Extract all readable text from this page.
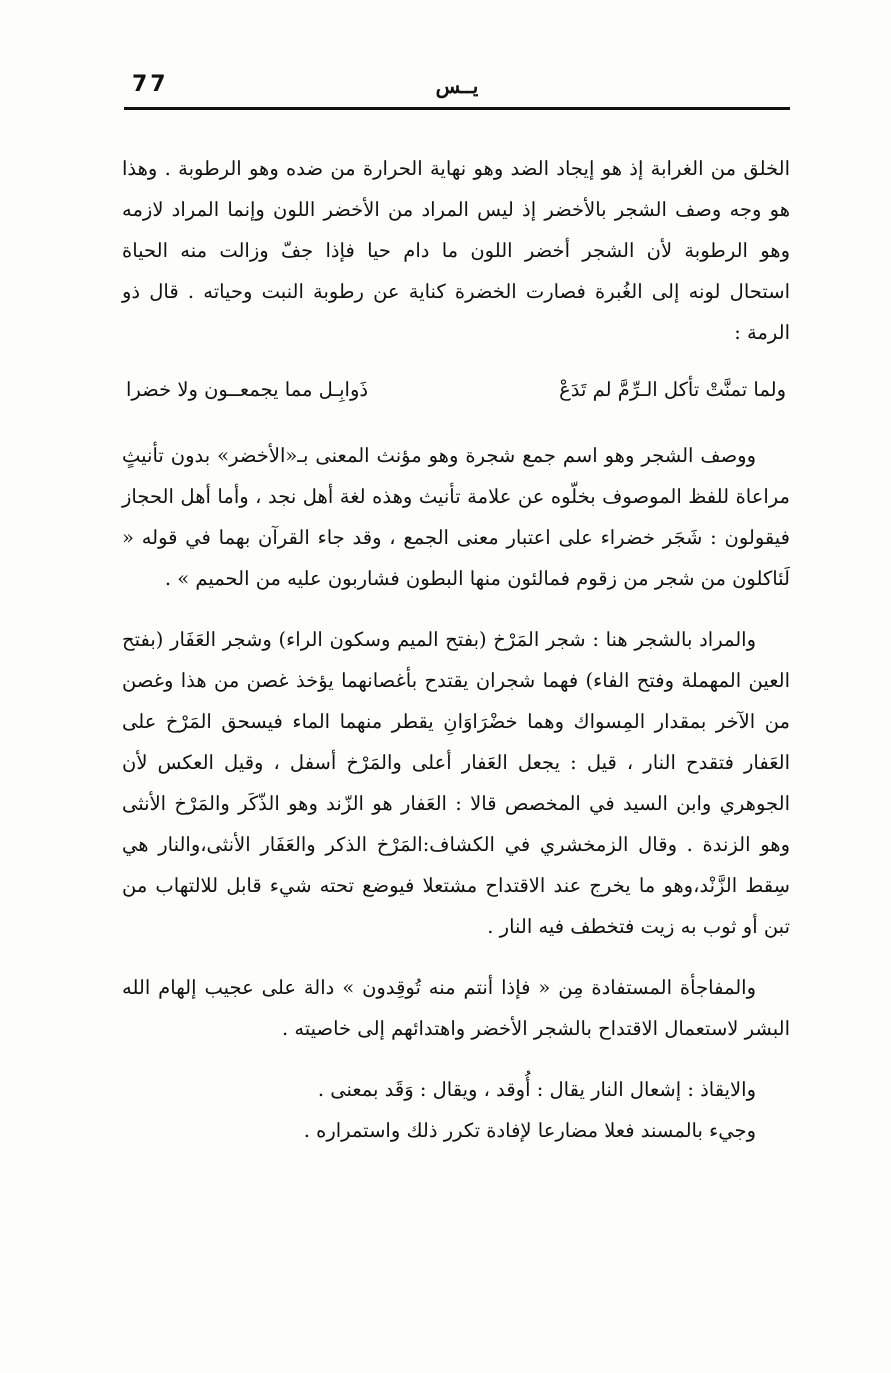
77	يــس
الخلق من الغرابة إذ هو إيجاد الضد وهو نهاية الحرارة من ضده وهو الرطوبة . وهذا
هو وجه وصف الشجر بالأخضر إذ ليس المراد من الأخضر اللون وإنما المراد لازمه
وهو الرطوبة لأن الشجر أخضر اللون ما دام حيا فإذا جفّ وزالت منه الحياة
استحال لونه إلى الغُبرة فصارت الخضرة كناية عن رطوبة النبت وحياته . قال ذو
الرمة :
ولما تمنَّتْ تأكل الـرِّمَّ لم تَدَعْ
ذَوابِـل مما يجمعــون ولا خضرا

ووصف الشجر وهو اسم جمع شجرة وهو مؤنث المعنى بـ«الأخضر» بدون تأنيثٍ مراعاة للفظ الموصوف بخلّوه عن علامة تأنيث وهذه لغة أهل نجد ، وأما أهل الحجاز فيقولون : شَجَر خضراء على اعتبار معنى الجمع ، وقد جاء القرآن بهما في قوله « لَئاكلون من شجر من زقوم فمالئون منها البطون فشاربون عليه من الحميم » .

والمراد بالشجر هنا : شجر المَرْخ (بفتح الميم وسكون الراء) وشجر العَفَار (بفتح العين المهملة وفتح الفاء) فهما شجران يقتدح بأغصانهما يؤخذ غصن من هذا وغصن من الآخر بمقدار المِسواك وهما خضْرَاوَانِ يقطر منهما الماء فيسحق المَرْخ على العَفار فتقدح النار ، قيل : يجعل العَفار أعلى والمَرْخ أسفل ، وقيل العكس لأن الجوهري وابن السيد في المخصص قالا : العَفار هو الزّند وهو الذّكَر والمَرْخ الأنثى وهو الزندة . وقال الزمخشري في الكشاف:المَرْخ الذكر والعَفَار الأنثى،والنار هي سِقط الزَّنْد،وهو ما يخرج عند الاقتداح مشتعلا فيوضع تحته شيء قابل للالتهاب من تبن أو ثوب به زيت فتخطف فيه النار .

والمفاجأة المستفادة مِن « فإذا أنتم منه تُوقِدون » دالة على عجيب إلهام الله البشر لاستعمال الاقتداح بالشجر الأخضر واهتدائهم إلى خاصيته .

والايقاذ : إشعال النار يقال : أُوقد ، ويقال : وَقَد بمعنى .

وجيء بالمسند فعلا مضارعا لإفادة تكرر ذلك واستمراره .
